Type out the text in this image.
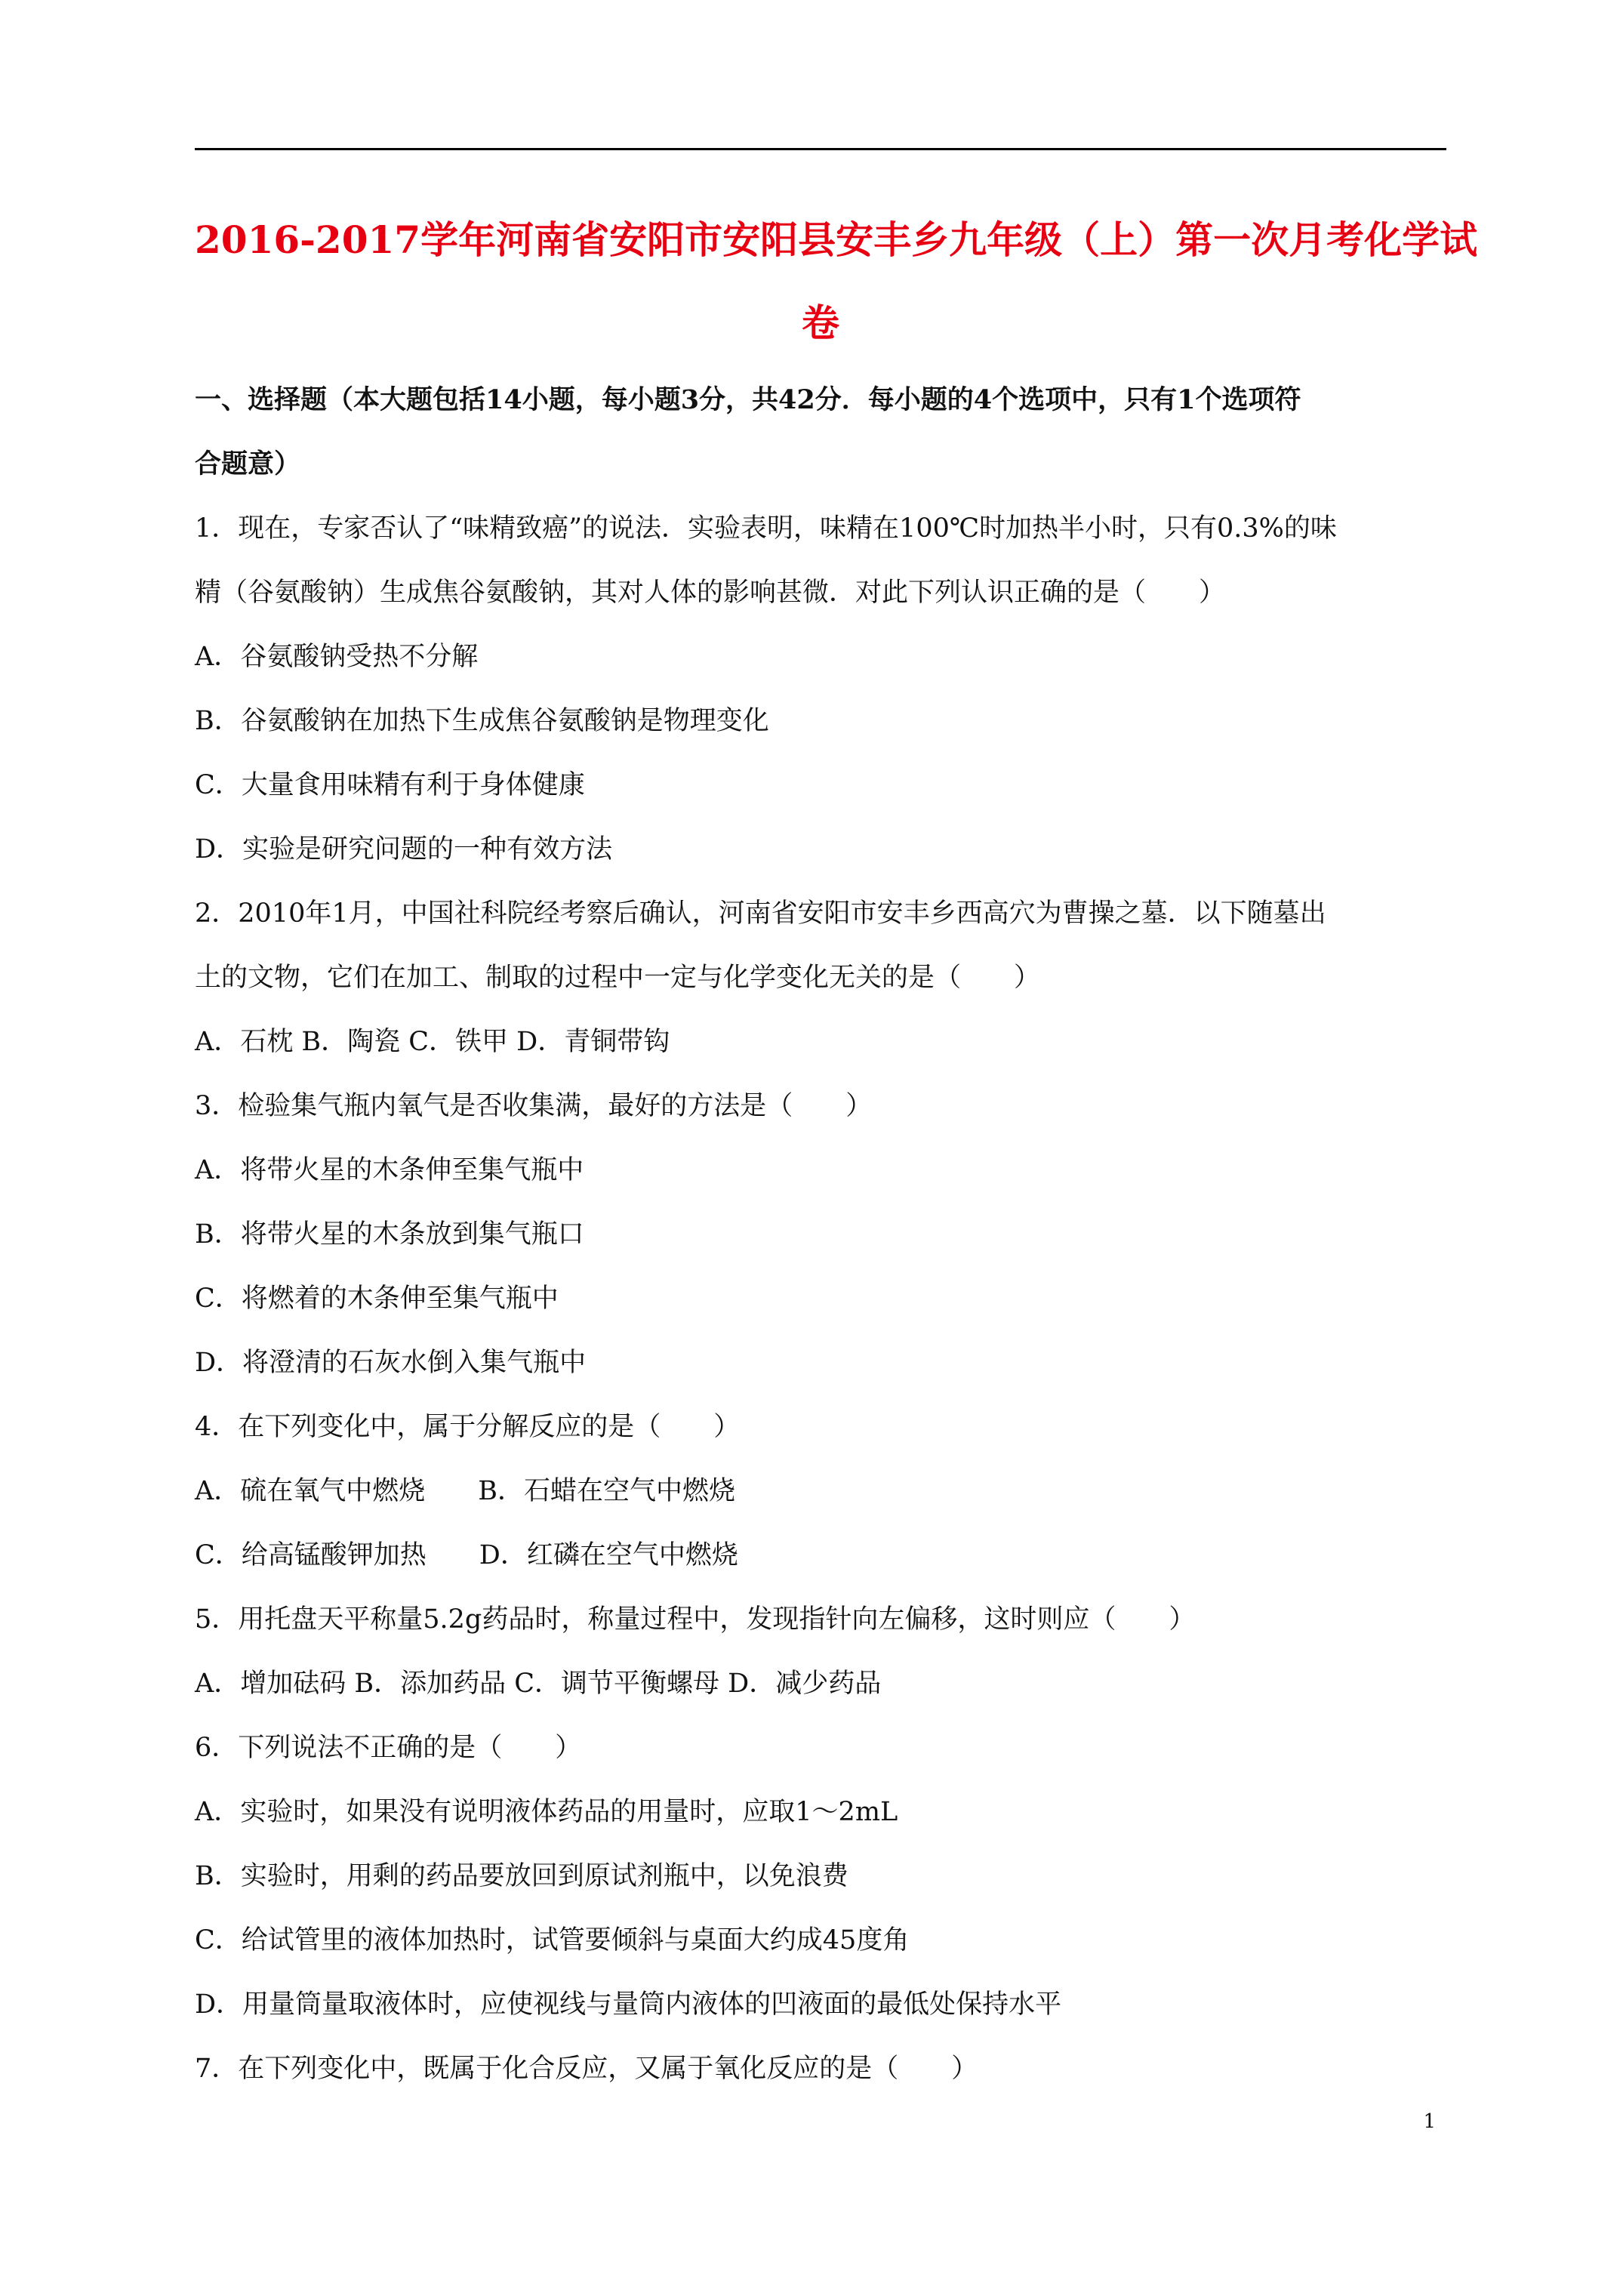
2016-2017学年河南省安阳市安阳县安丰乡九年级（上）第一次月考化学试
卷
一、选择题（本大题包括14小题，每小题3分，共42分．每小题的4个选项中，只有1个选项符
合题意）
1．现在，专家否认了“味精致癌”的说法．实验表明，味精在100℃时加热半小时，只有0.3%的味
精（谷氨酸钠）生成焦谷氨酸钠，其对人体的影响甚微．对此下列认识正确的是（　　）
A．谷氨酸钠受热不分解
B．谷氨酸钠在加热下生成焦谷氨酸钠是物理变化
C．大量食用味精有利于身体健康
D．实验是研究问题的一种有效方法
2．2010年1月，中国社科院经考察后确认，河南省安阳市安丰乡西高穴为曹操之墓．以下随墓出
土的文物，它们在加工、制取的过程中一定与化学变化无关的是（　　）
A．石枕 B．陶瓷 C．铁甲 D．青铜带钩
3．检验集气瓶内氧气是否收集满，最好的方法是（　　）
A．将带火星的木条伸至集气瓶中
B．将带火星的木条放到集气瓶口
C．将燃着的木条伸至集气瓶中
D．将澄清的石灰水倒入集气瓶中
4．在下列变化中，属于分解反应的是（　　）
A．硫在氧气中燃烧　　B．石蜡在空气中燃烧
C．给高锰酸钾加热　　D．红磷在空气中燃烧
5．用托盘天平称量5.2g药品时，称量过程中，发现指针向左偏移，这时则应（　　）
A．增加砝码 B．添加药品 C．调节平衡螺母 D．减少药品
6．下列说法不正确的是（　　）
A．实验时，如果没有说明液体药品的用量时，应取1～2mL
B．实验时，用剩的药品要放回到原试剂瓶中，以免浪费
C．给试管里的液体加热时，试管要倾斜与桌面大约成45度角
D．用量筒量取液体时，应使视线与量筒内液体的凹液面的最低处保持水平
7．在下列变化中，既属于化合反应，又属于氧化反应的是（　　）
1
